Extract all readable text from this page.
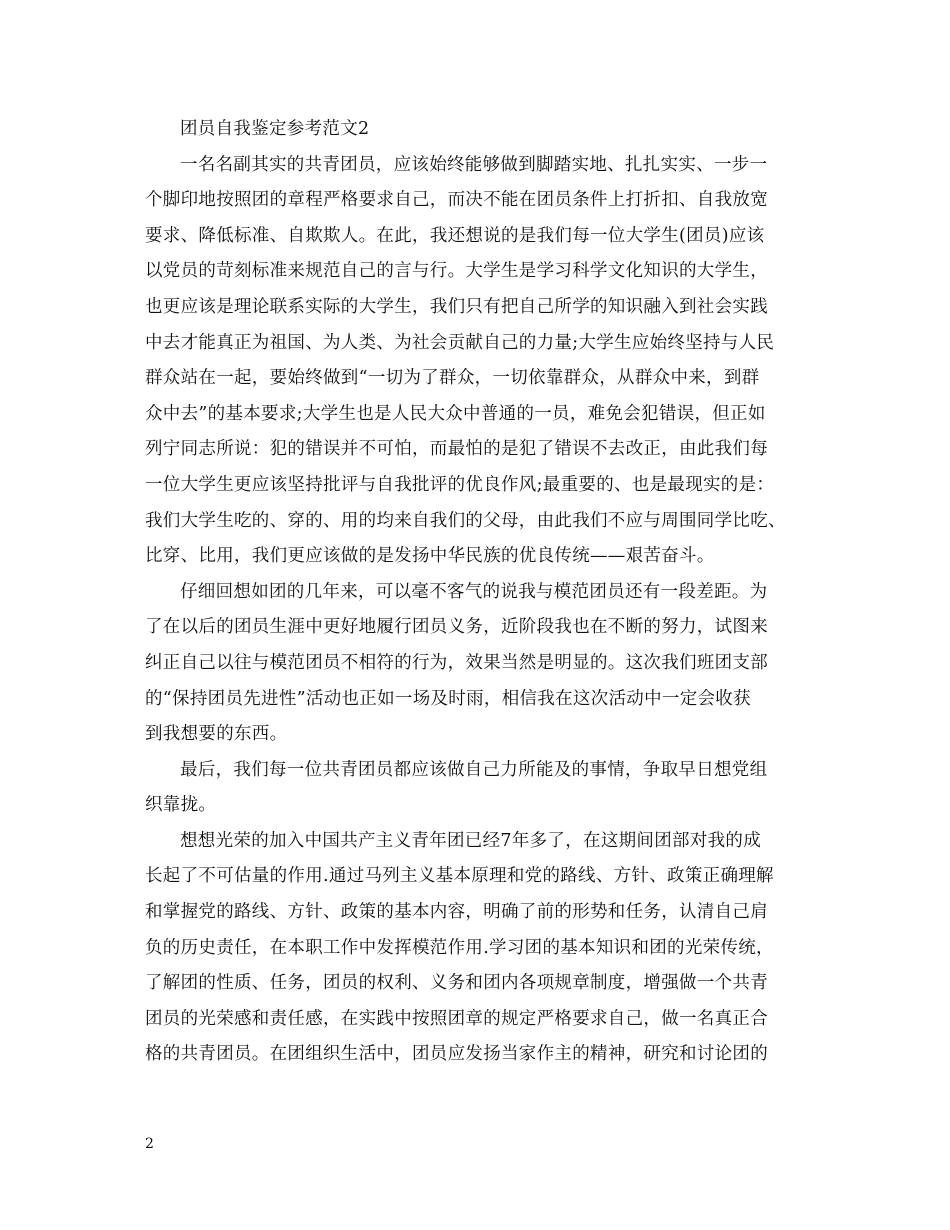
团员自我鉴定参考范文2
一名名副其实的共青团员，应该始终能够做到脚踏实地、扎扎实实、一步一
个脚印地按照团的章程严格要求自己，而决不能在团员条件上打折扣、自我放宽
要求、降低标准、自欺欺人。在此，我还想说的是我们每一位大学生(团员)应该
以党员的苛刻标准来规范自己的言与行。大学生是学习科学文化知识的大学生，
也更应该是理论联系实际的大学生，我们只有把自己所学的知识融入到社会实践
中去才能真正为祖国、为人类、为社会贡献自己的力量;大学生应始终坚持与人民
群众站在一起，要始终做到“一切为了群众，一切依靠群众，从群众中来，到群
众中去”的基本要求;大学生也是人民大众中普通的一员，难免会犯错误，但正如
列宁同志所说：犯的错误并不可怕，而最怕的是犯了错误不去改正，由此我们每
一位大学生更应该坚持批评与自我批评的优良作风;最重要的、也是最现实的是：
我们大学生吃的、穿的、用的均来自我们的父母，由此我们不应与周围同学比吃、
比穿、比用，我们更应该做的是发扬中华民族的优良传统——艰苦奋斗。
仔细回想如团的几年来，可以毫不客气的说我与模范团员还有一段差距。为
了在以后的团员生涯中更好地履行团员义务，近阶段我也在不断的努力，试图来
纠正自己以往与模范团员不相符的行为，效果当然是明显的。这次我们班团支部
的“保持团员先进性”活动也正如一场及时雨，相信我在这次活动中一定会收获
到我想要的东西。
最后，我们每一位共青团员都应该做自己力所能及的事情，争取早日想党组
织靠拢。
想想光荣的加入中国共产主义青年团已经7年多了，在这期间团部对我的成
长起了不可估量的作用.通过马列主义基本原理和党的路线、方针、政策正确理解
和掌握党的路线、方针、政策的基本内容，明确了前的形势和任务，认清自己肩
负的历史责任，在本职工作中发挥模范作用.学习团的基本知识和团的光荣传统，
了解团的性质、任务，团员的权利、义务和团内各项规章制度，增强做一个共青
团员的光荣感和责任感，在实践中按照团章的规定严格要求自己，做一名真正合
格的共青团员。在团组织生活中，团员应发扬当家作主的精神，研究和讨论团的
2
